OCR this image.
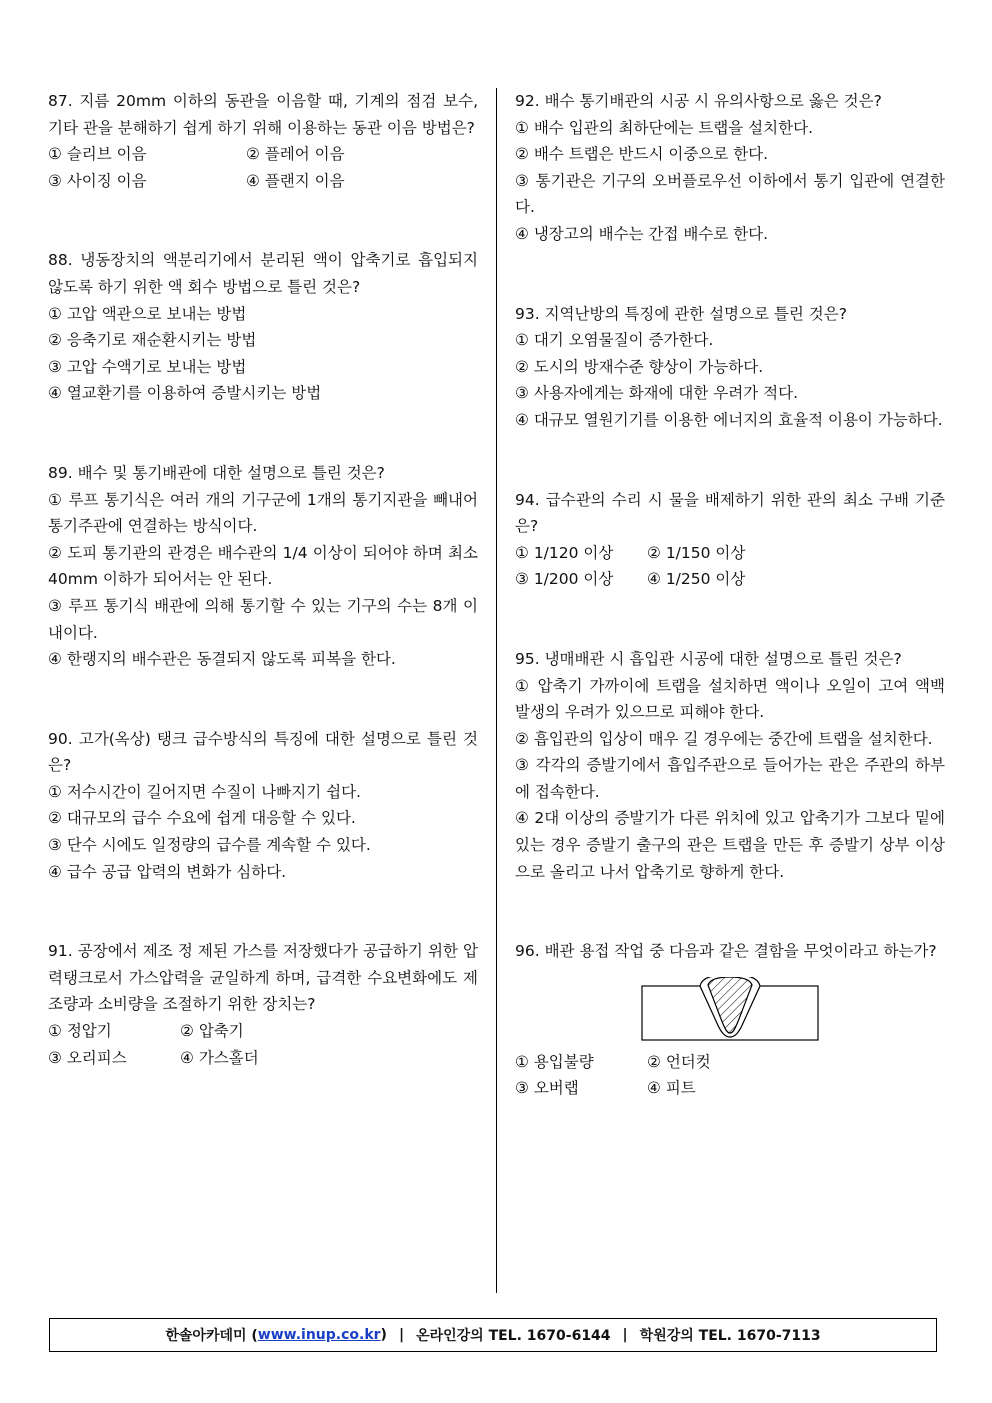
87. 지름 20mm 이하의 동관을 이음할 때, 기계의 점검 보수, 기타 관을 분해하기 쉽게 하기 위해 이용하는 동관 이음 방법은?

① 슬리브 이음	② 플레어 이음
③ 사이징 이음	④ 플랜지 이음

88. 냉동장치의 액분리기에서 분리된 액이 압축기로 흡입되지 않도록 하기 위한 액 회수 방법으로 틀린 것은?

① 고압 액관으로 보내는 방법

② 응축기로 재순환시키는 방법

③ 고압 수액기로 보내는 방법

④ 열교환기를 이용하여 증발시키는 방법

89. 배수 및 통기배관에 대한 설명으로 틀린 것은?

① 루프 통기식은 여러 개의 기구군에 1개의 통기지관을 빼내어 통기주관에 연결하는 방식이다.

② 도피 통기관의 관경은 배수관의 1/4 이상이 되어야 하며 최소 40mm 이하가 되어서는 안 된다.

③ 루프 통기식 배관에 의해 통기할 수 있는 기구의 수는 8개 이내이다.

④ 한랭지의 배수관은 동결되지 않도록 피복을 한다.

90. 고가(옥상) 탱크 급수방식의 특징에 대한 설명으로 틀린 것은?

① 저수시간이 길어지면 수질이 나빠지기 쉽다.

② 대규모의 급수 수요에 쉽게 대응할 수 있다.

③ 단수 시에도 일정량의 급수를 계속할 수 있다.

④ 급수 공급 압력의 변화가 심하다.

91. 공장에서 제조 정 제된 가스를 저장했다가 공급하기 위한 압력탱크로서 가스압력을 균일하게 하며, 급격한 수요변화에도 제조량과 소비량을 조절하기 위한 장치는?

① 정압기	② 압축기
③ 오리피스	④ 가스홀더

92. 배수 통기배관의 시공 시 유의사항으로 옳은 것은?

① 배수 입관의 최하단에는 트랩을 설치한다.

② 배수 트랩은 반드시 이중으로 한다.

③ 통기관은 기구의 오버플로우선 이하에서 통기 입관에 연결한다.

④ 냉장고의 배수는 간접 배수로 한다.

93. 지역난방의 특징에 관한 설명으로 틀린 것은?

① 대기 오염물질이 증가한다.

② 도시의 방재수준 향상이 가능하다.

③ 사용자에게는 화재에 대한 우려가 적다.

④ 대규모 열원기기를 이용한 에너지의 효율적 이용이 가능하다.

94. 급수관의 수리 시 물을 배제하기 위한 관의 최소 구배 기준은?

① 1/120 이상	② 1/150 이상
③ 1/200 이상	④ 1/250 이상

95. 냉매배관 시 흡입관 시공에 대한 설명으로 틀린 것은?

① 압축기 가까이에 트랩을 설치하면 액이나 오일이 고여 액백 발생의 우려가 있으므로 피해야 한다.

② 흡입관의 입상이 매우 길 경우에는 중간에 트랩을 설치한다.

③ 각각의 증발기에서 흡입주관으로 들어가는 관은 주관의 하부에 접속한다.

④ 2대 이상의 증발기가 다른 위치에 있고 압축기가 그보다 밑에 있는 경우 증발기 출구의 관은 트랩을 만든 후 증발기 상부 이상으로 올리고 나서 압축기로 향하게 한다.

96. 배관 용접 작업 중 다음과 같은 결함을 무엇이라고 하는가?

① 용입불량	② 언더컷
③ 오버랩	④ 피트
한솔아카데미 ( www.inup.co.kr ) | 온라인강의 TEL. 1670-6144 | 학원강의 TEL. 1670-7113
